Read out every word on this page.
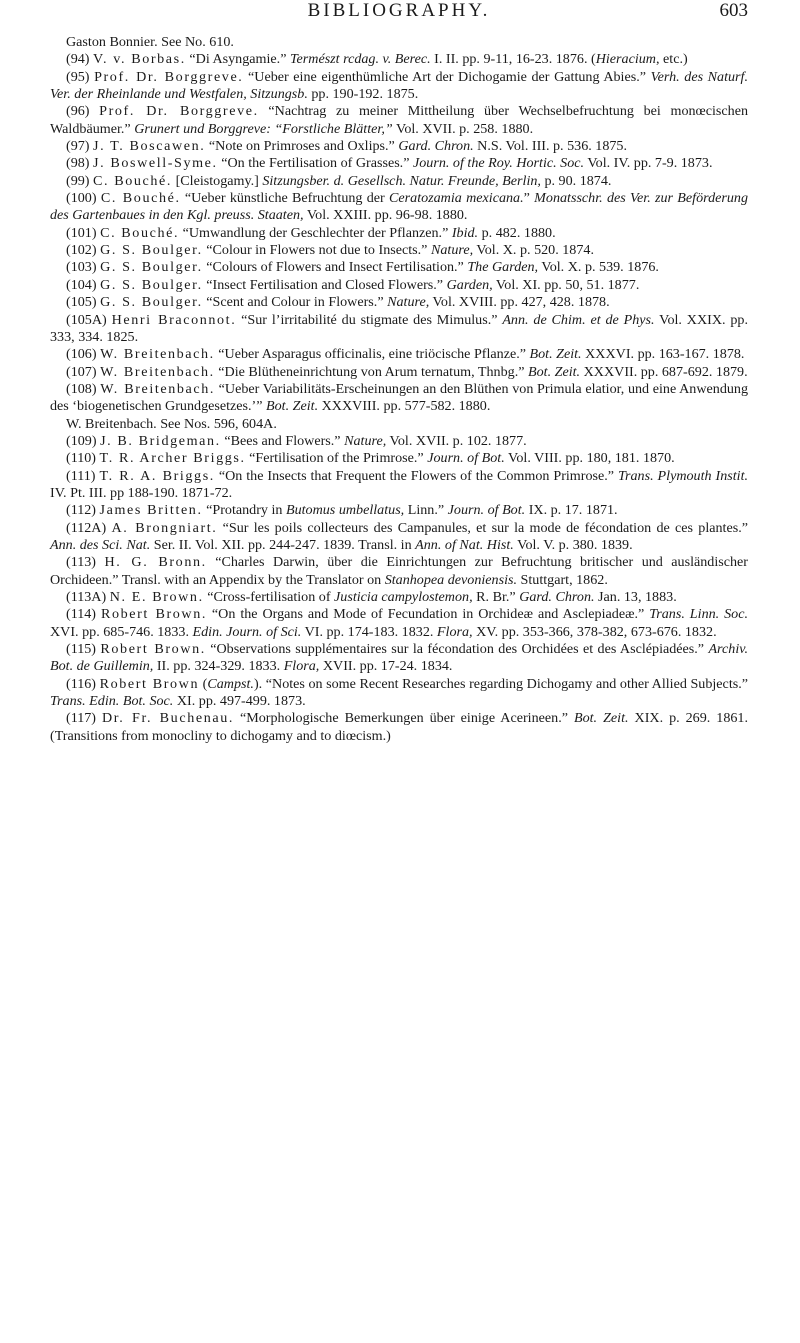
BIBLIOGRAPHY.	603

Gaston Bonnier. See No. 610.

(94) V. v. Borbas. “Di Asyngamie.” Természt rcdag. v. Berec. I. II. pp. 9-11, 16-23. 1876. (Hieracium, etc.)

(95) Prof. Dr. Borggreve. “Ueber eine eigenthümliche Art der Dichogamie der Gattung Abies.” Verh. des Naturf. Ver. der Rheinlande und Westfalen, Sitzungsb. pp. 190-192. 1875.

(96) Prof. Dr. Borggreve. “Nachtrag zu meiner Mittheilung über Wechselbefruchtung bei monœcischen Waldbäumer.” Grunert und Borggreve: “Forstliche Blätter,” Vol. XVII. p. 258. 1880.

(97) J. T. Boscawen. “Note on Primroses and Oxlips.” Gard. Chron. N.S. Vol. III. p. 536. 1875.

(98) J. Boswell-Syme. “On the Fertilisation of Grasses.” Journ. of the Roy. Hortic. Soc. Vol. IV. pp. 7-9. 1873.

(99) C. Bouché. [Cleistogamy.] Sitzungsber. d. Gesellsch. Natur. Freunde, Berlin, p. 90. 1874.

(100) C. Bouché. “Ueber künstliche Befruchtung der Ceratozamia mexicana.” Monatsschr. des Ver. zur Beförderung des Gartenbaues in den Kgl. preuss. Staaten, Vol. XXIII. pp. 96-98. 1880.

(101) C. Bouché. “Umwandlung der Geschlechter der Pflanzen.” Ibid. p. 482. 1880.

(102) G. S. Boulger. “Colour in Flowers not due to Insects.” Nature, Vol. X. p. 520. 1874.

(103) G. S. Boulger. “Colours of Flowers and Insect Fertilisation.” The Garden, Vol. X. p. 539. 1876.

(104) G. S. Boulger. “Insect Fertilisation and Closed Flowers.” Garden, Vol. XI. pp. 50, 51. 1877.

(105) G. S. Boulger. “Scent and Colour in Flowers.” Nature, Vol. XVIII. pp. 427, 428. 1878.

(105A) Henri Braconnot. “Sur l’irritabilité du stigmate des Mimulus.” Ann. de Chim. et de Phys. Vol. XXIX. pp. 333, 334. 1825.

(106) W. Breitenbach. “Ueber Asparagus officinalis, eine triöcische Pflanze.” Bot. Zeit. XXXVI. pp. 163-167. 1878.

(107) W. Breitenbach. “Die Blütheneinrichtung von Arum ternatum, Thnbg.” Bot. Zeit. XXXVII. pp. 687-692. 1879.

(108) W. Breitenbach. “Ueber Variabilitäts-Erscheinungen an den Blüthen von Primula elatior, und eine Anwendung des ‘biogenetischen Grundgesetzes.’” Bot. Zeit. XXXVIII. pp. 577-582. 1880.

W. Breitenbach. See Nos. 596, 604A.

(109) J. B. Bridgeman. “Bees and Flowers.” Nature, Vol. XVII. p. 102. 1877.

(110) T. R. Archer Briggs. “Fertilisation of the Primrose.” Journ. of Bot. Vol. VIII. pp. 180, 181. 1870.

(111) T. R. A. Briggs. “On the Insects that Frequent the Flowers of the Common Primrose.” Trans. Plymouth Instit. IV. Pt. III. pp 188-190. 1871-72.

(112) James Britten. “Protandry in Butomus umbellatus, Linn.” Journ. of Bot. IX. p. 17. 1871.

(112A) A. Brongniart. “Sur les poils collecteurs des Campanules, et sur la mode de fécondation de ces plantes.” Ann. des Sci. Nat. Ser. II. Vol. XII. pp. 244-247. 1839. Transl. in Ann. of Nat. Hist. Vol. V. p. 380. 1839.

(113) H. G. Bronn. “Charles Darwin, über die Einrichtungen zur Befruchtung britischer und ausländischer Orchideen.” Transl. with an Appendix by the Translator on Stanhopea devoniensis. Stuttgart, 1862.

(113A) N. E. Brown. “Cross-fertilisation of Justicia campylostemon, R. Br.” Gard. Chron. Jan. 13, 1883.

(114) Robert Brown. “On the Organs and Mode of Fecundation in Orchideæ and Asclepiadeæ.” Trans. Linn. Soc. XVI. pp. 685-746. 1833. Edin. Journ. of Sci. VI. pp. 174-183. 1832. Flora, XV. pp. 353-366, 378-382, 673-676. 1832.

(115) Robert Brown. “Observations supplémentaires sur la fécondation des Orchidées et des Asclépiadées.” Archiv. Bot. de Guillemin, II. pp. 324-329. 1833. Flora, XVII. pp. 17-24. 1834.

(116) Robert Brown (Campst.). “Notes on some Recent Researches regarding Dichogamy and other Allied Subjects.” Trans. Edin. Bot. Soc. XI. pp. 497-499. 1873.

(117) Dr. Fr. Buchenau. “Morphologische Bemerkungen über einige Acerineen.” Bot. Zeit. XIX. p. 269. 1861. (Transitions from monocliny to dichogamy and to diœcism.)
